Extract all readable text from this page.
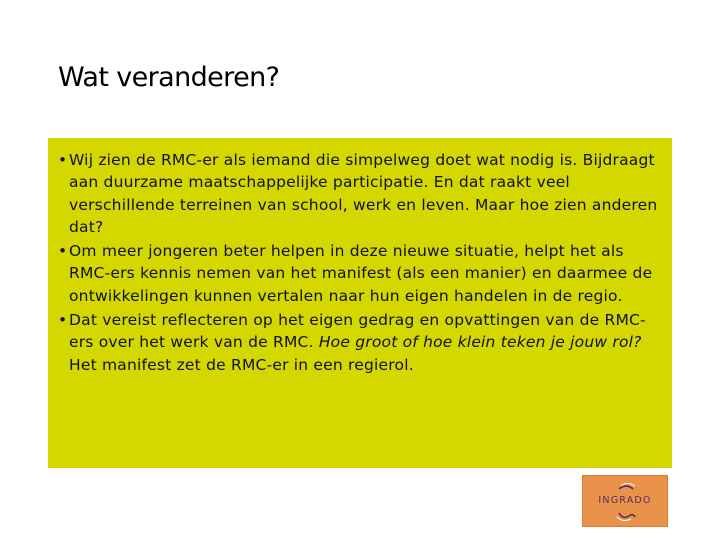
Wat veranderen?
• Wij zien de RMC-er als iemand die simpelweg doet wat nodig is. Bijdraagt aan duurzame maatschappelijke participatie. En dat raakt veel verschillende terreinen van school, werk en leven. Maar hoe zien anderen dat?
• Om meer jongeren beter helpen in deze nieuwe situatie, helpt het als RMC-ers kennis nemen van het manifest (als een manier) en daarmee de ontwikkelingen kunnen vertalen naar hun eigen handelen in de regio.
• Dat vereist reflecteren op het eigen gedrag en opvattingen van de RMC-ers over het werk van de RMC. Hoe groot of hoe klein teken je jouw rol? Het manifest zet de RMC-er in een regierol.
INGRADO
